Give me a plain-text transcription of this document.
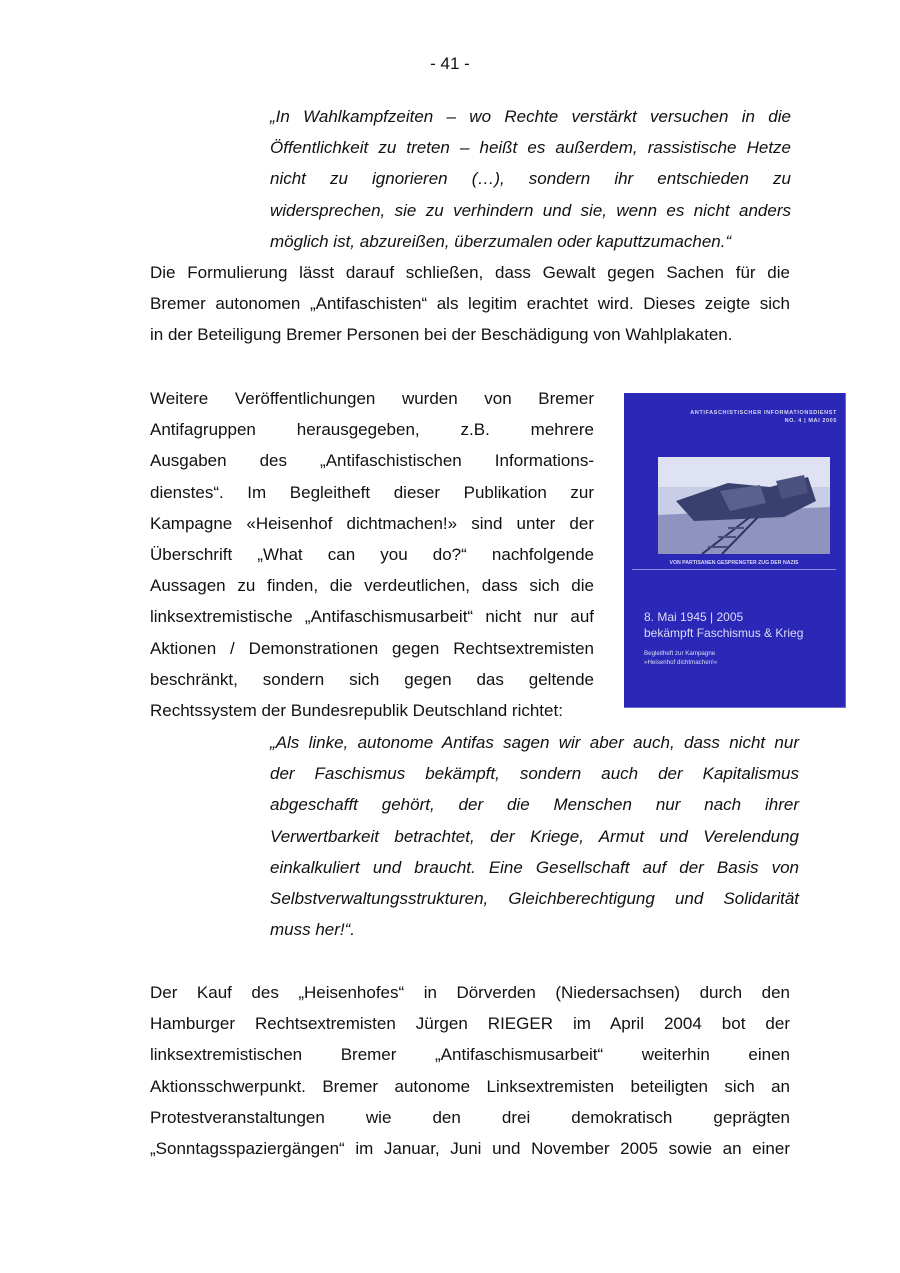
- 41 -
„In Wahlkampfzeiten – wo Rechte verstärkt versuchen in die
Öffentlichkeit zu treten – heißt es außerdem, rassistische Hetze
nicht zu ignorieren (…), sondern ihr entschieden zu
widersprechen, sie zu verhindern und sie, wenn es nicht anders
möglich ist, abzureißen, überzumalen oder kaputtzumachen.“
Die Formulierung lässt darauf schließen, dass Gewalt gegen Sachen für die
Bremer autonomen „Antifaschisten“ als legitim erachtet wird. Dieses zeigte sich
in der Beteiligung Bremer Personen bei der Beschädigung von Wahlplakaten.
Weitere Veröffentlichungen wurden von Bremer
Antifagruppen herausgegeben, z.B. mehrere
Ausgaben des „Antifaschistischen Informations-
dienstes“. Im Begleitheft dieser Publikation zur
Kampagne «Heisenhof dichtmachen!» sind unter der
Überschrift „What can you do?“ nachfolgende
Aussagen zu finden, die verdeutlichen, dass sich die
linksextremistische „Antifaschismusarbeit“ nicht nur auf
Aktionen / Demonstrationen gegen Rechtsextremisten
beschränkt, sondern sich gegen das geltende
Rechtssystem der Bundesrepublik Deutschland richtet:
ANTIFASCHISTISCHER INFORMATIONSDIENST
NO. 4 | MAI 2005
VON PARTISANEN GESPRENGTER ZUG DER NAZIS
8. Mai 1945 | 2005
bekämpft Faschismus & Krieg
Begleitheft zur Kampagne
»Heisenhof dichtmachen!«
„Als linke, autonome Antifas sagen wir aber auch, dass nicht nur
der Faschismus bekämpft, sondern auch der Kapitalismus
abgeschafft gehört, der die Menschen nur nach ihrer
Verwertbarkeit betrachtet, der Kriege, Armut und Verelendung
einkalkuliert und braucht. Eine Gesellschaft auf der Basis von
Selbstverwaltungsstrukturen, Gleichberechtigung und Solidarität
muss her!“.
Der Kauf des „Heisenhofes“ in Dörverden (Niedersachsen) durch den
Hamburger Rechtsextremisten Jürgen RIEGER im April 2004 bot der
linksextremistischen Bremer „Antifaschismusarbeit“ weiterhin einen
Aktionsschwerpunkt. Bremer autonome Linksextremisten beteiligten sich an
Protestveranstaltungen wie den drei demokratisch geprägten
„Sonntagsspaziergängen“ im Januar, Juni und November 2005 sowie an einer
